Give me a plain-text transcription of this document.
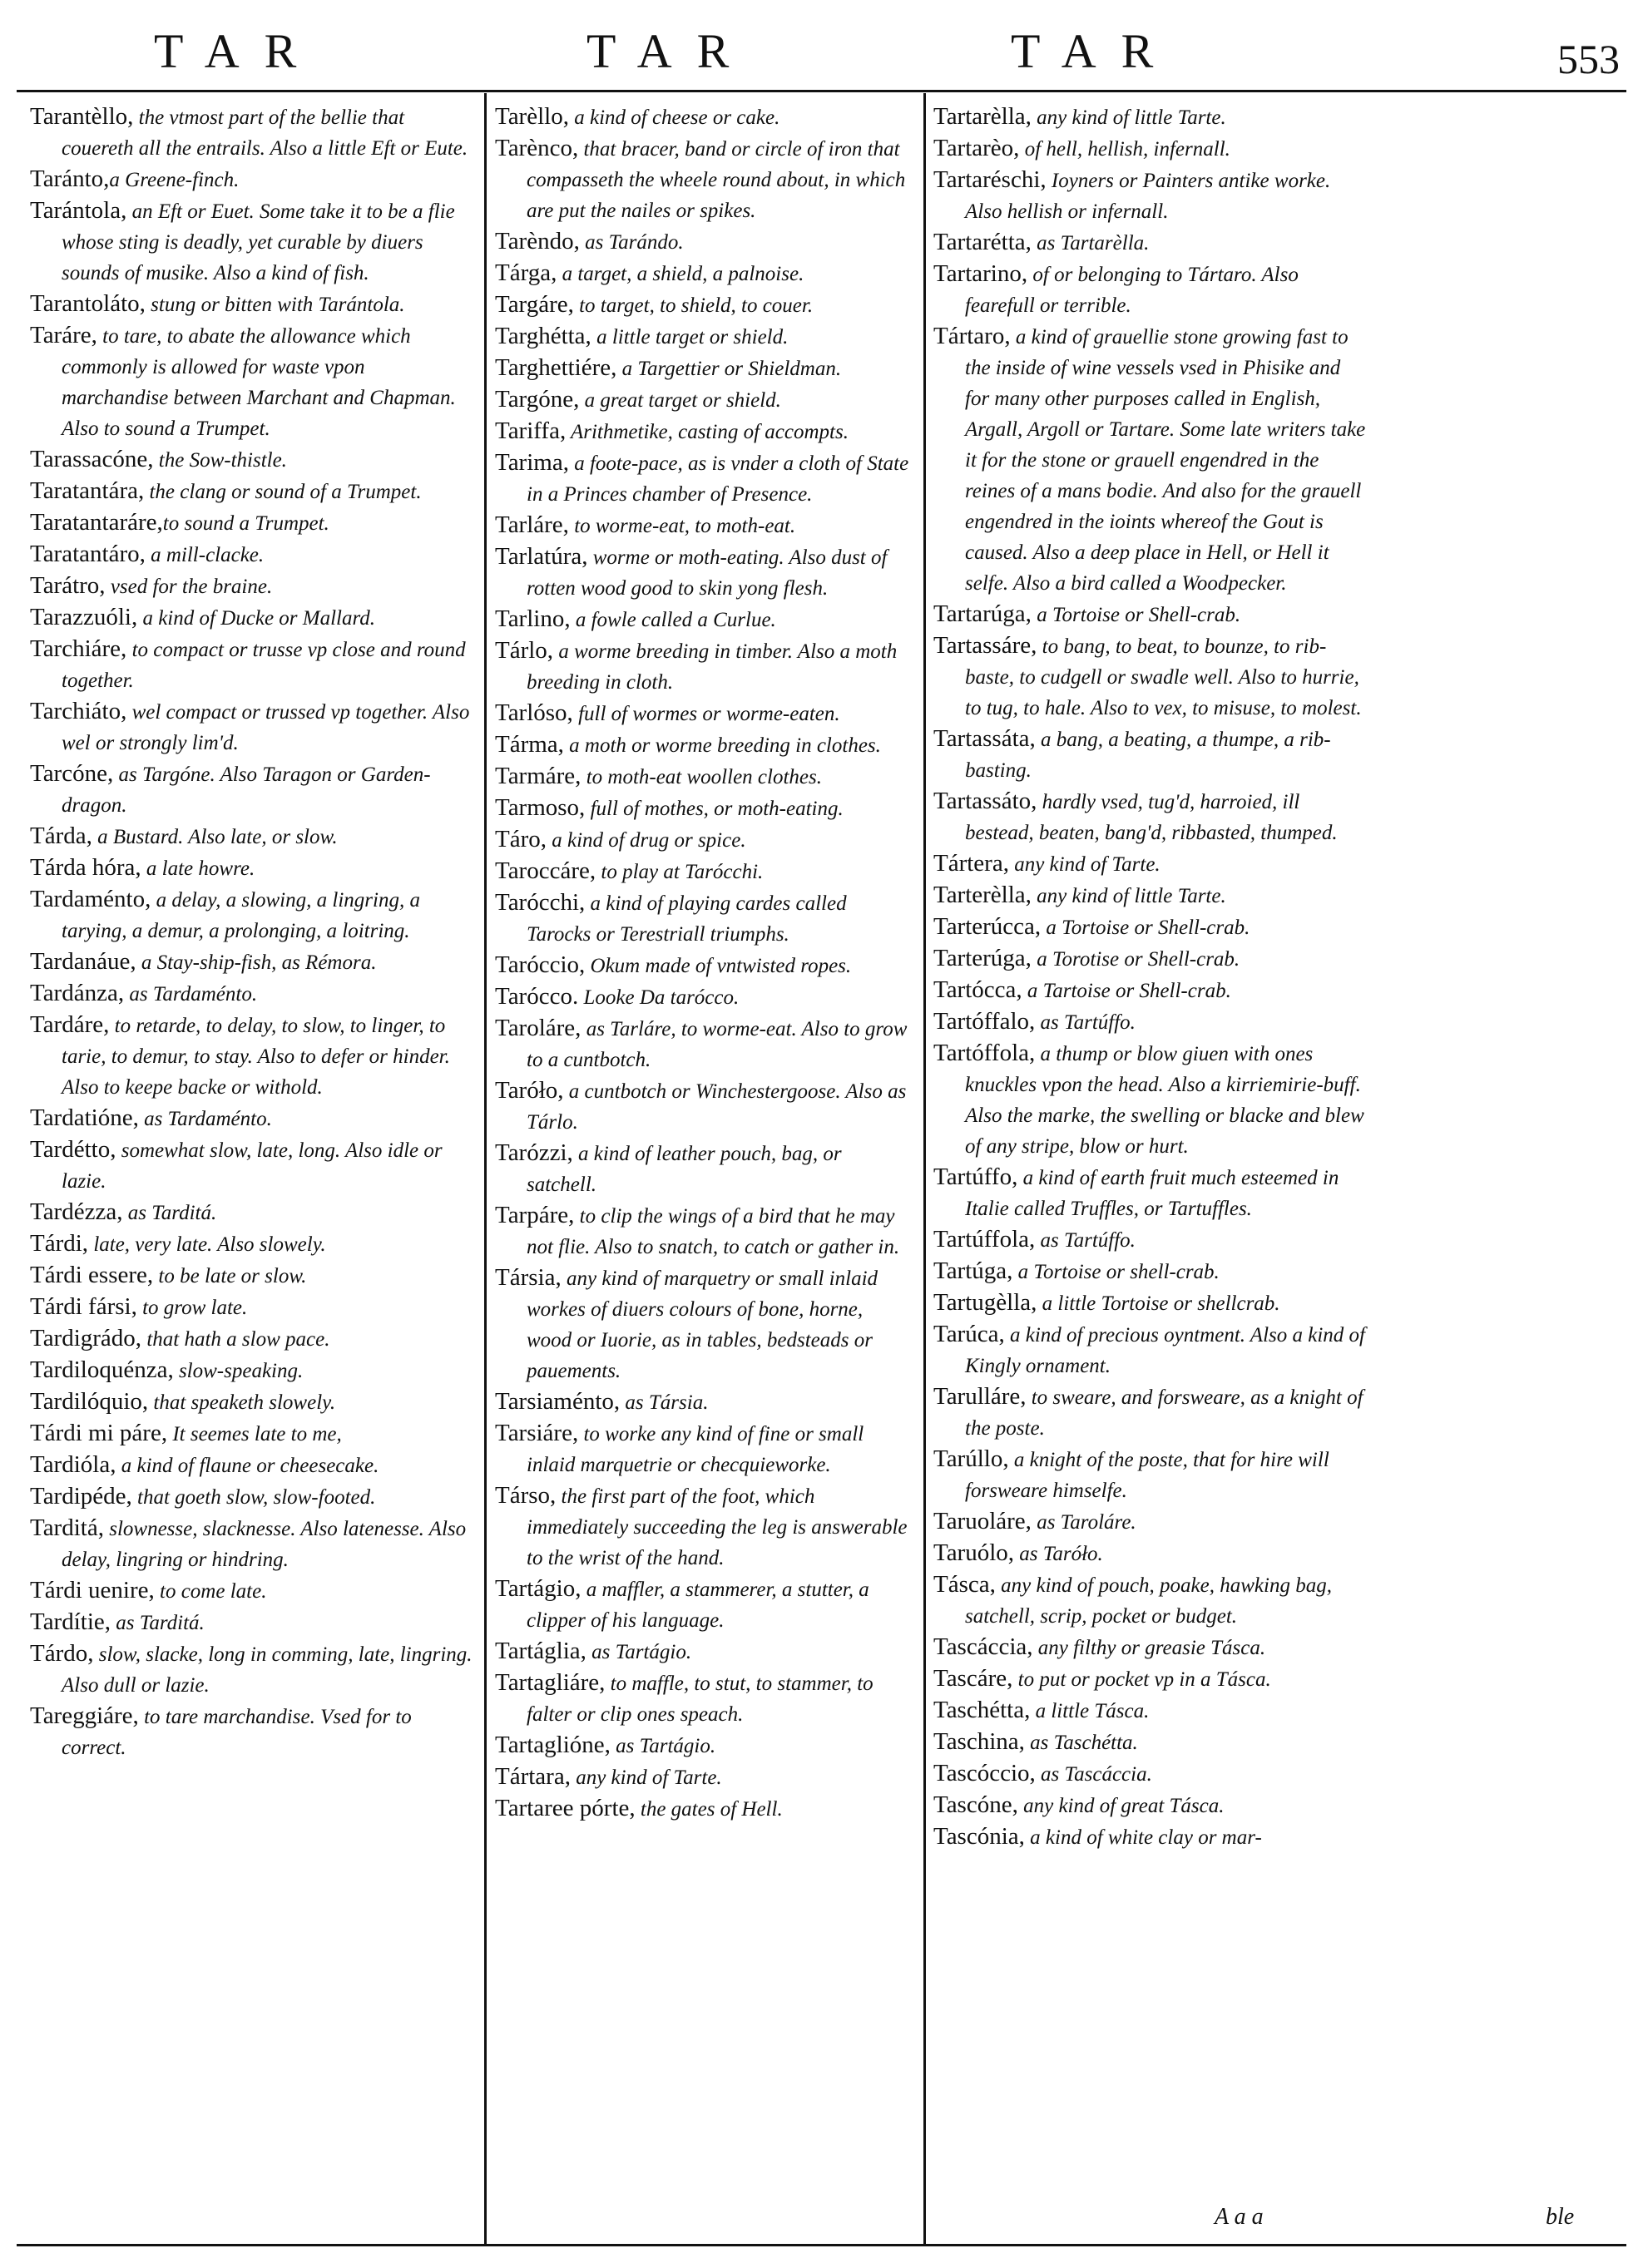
TAR	TAR	TAR	553

Tarantèllo, the vtmost part of the bellie that couereth all the entrails. Also a little Eft or Eute.

Taránto,a Greene-finch.

Tarántola, an Eft or Euet. Some take it to be a flie whose sting is deadly, yet curable by diuers sounds of musike. Also a kind of fish.

Tarantoláto, stung or bitten with Tarántola.

Taráre, to tare, to abate the allowance which commonly is allowed for waste vpon marchandise between Marchant and Chapman. Also to sound a Trumpet.

Tarassacóne, the Sow-thistle.

Taratantára, the clang or sound of a Trumpet.

Taratantaráre,to sound a Trumpet.

Taratantáro, a mill-clacke.

Tarátro, vsed for the braine.

Tarazzuóli, a kind of Ducke or Mallard.

Tarchiáre, to compact or trusse vp close and round together.

Tarchiáto, wel compact or trussed vp together. Also wel or strongly lim'd.

Tarcóne, as Targóne. Also Taragon or Garden-dragon.

Tárda, a Bustard. Also late, or slow.

Tárda hóra, a late howre.

Tardaménto, a delay, a slowing, a lingring, a tarying, a demur, a prolonging, a loitring.

Tardanáue, a Stay-ship-fish, as Rémora.

Tardánza, as Tardaménto.

Tardáre, to retarde, to delay, to slow, to linger, to tarie, to demur, to stay. Also to defer or hinder. Also to keepe backe or withold.

Tardatióne, as Tardaménto.

Tardétto, somewhat slow, late, long. Also idle or lazie.

Tardézza, as Tarditá.

Tárdi, late, very late. Also slowely.

Tárdi essere, to be late or slow.

Tárdi fársi, to grow late.

Tardigrádo, that hath a slow pace.

Tardiloquénza, slow-speaking.

Tardilóquio, that speaketh slowely.

Tárdi mi páre, It seemes late to me,

Tardióla, a kind of flaune or cheesecake.

Tardipéde, that goeth slow, slow-footed.

Tarditá, slownesse, slacknesse. Also latenesse. Also delay, lingring or hindring.

Tárdi uenire, to come late.

Tardítie, as Tarditá.

Tárdo, slow, slacke, long in comming, late, lingring. Also dull or lazie.

Tareggiáre, to tare marchandise. Vsed for to correct.

Tarèllo, a kind of cheese or cake.

Tarènco, that bracer, band or circle of iron that compasseth the wheele round about, in which are put the nailes or spikes.

Tarèndo, as Tarándo.

Tárga, a target, a shield, a palnoise.

Targáre, to target, to shield, to couer.

Targhétta, a little target or shield.

Targhettiére, a Targettier or Shieldman.

Targóne, a great target or shield.

Tariffa, Arithmetike, casting of accompts.

Tarima, a foote-pace, as is vnder a cloth of State in a Princes chamber of Presence.

Tarláre, to worme-eat, to moth-eat.

Tarlatúra, worme or moth-eating. Also dust of rotten wood good to skin yong flesh.

Tarlino, a fowle called a Curlue.

Tárlo, a worme breeding in timber. Also a moth breeding in cloth.

Tarlóso, full of wormes or worme-eaten.

Tárma, a moth or worme breeding in clothes.

Tarmáre, to moth-eat woollen clothes.

Tarmoso, full of mothes, or moth-eating.

Táro, a kind of drug or spice.

Taroccáre, to play at Tarócchi.

Tarócchi, a kind of playing cardes called Tarocks or Terestriall triumphs.

Taróccio, Okum made of vntwisted ropes.

Tarócco. Looke Da tarócco.

Taroláre, as Tarláre, to worme-eat. Also to grow to a cuntbotch.

Taróło, a cuntbotch or Winchestergoose. Also as Tárlo.

Tarózzi, a kind of leather pouch, bag, or satchell.

Tarpáre, to clip the wings of a bird that he may not flie. Also to snatch, to catch or gather in.

Társia, any kind of marquetry or small inlaid workes of diuers colours of bone, horne, wood or Iuorie, as in tables, bedsteads or pauements.

Tarsiaménto, as Társia.

Tarsiáre, to worke any kind of fine or small inlaid marquetrie or checquieworke.

Társo, the first part of the foot, which immediately succeeding the leg is answerable to the wrist of the hand.

Tartágio, a maffler, a stammerer, a stutter, a clipper of his language.

Tartáglia, as Tartágio.

Tartagliáre, to maffle, to stut, to stammer, to falter or clip ones speach.

Tartaglióne, as Tartágio.

Tártara, any kind of Tarte.

Tartaree pórte, the gates of Hell.

Tartarèlla, any kind of little Tarte.

Tartarèo, of hell, hellish, infernall.

Tartaréschi, Ioyners or Painters antike worke. Also hellish or infernall.

Tartarétta, as Tartarèlla.

Tartarino, of or belonging to Tártaro. Also fearefull or terrible.

Tártaro, a kind of grauellie stone growing fast to the inside of wine vessels vsed in Phisike and for many other purposes called in English, Argall, Argoll or Tartare. Some late writers take it for the stone or grauell engendred in the reines of a mans bodie. And also for the grauell engendred in the ioints whereof the Gout is caused. Also a deep place in Hell, or Hell it selfe. Also a bird called a Woodpecker.

Tartarúga, a Tortoise or Shell-crab.

Tartassáre, to bang, to beat, to bounze, to rib-baste, to cudgell or swadle well. Also to hurrie, to tug, to hale. Also to vex, to misuse, to molest.

Tartassáta, a bang, a beating, a thumpe, a rib-basting.

Tartassáto, hardly vsed, tug'd, harroied, ill bestead, beaten, bang'd, ribbasted, thumped.

Tártera, any kind of Tarte.

Tarterèlla, any kind of little Tarte.

Tarterúcca, a Tortoise or Shell-crab.

Tarterúga, a Torotise or Shell-crab.

Tartócca, a Tartoise or Shell-crab.

Tartóffalo, as Tartúffo.

Tartóffola, a thump or blow giuen with ones knuckles vpon the head. Also a kirriemirie-buff. Also the marke, the swelling or blacke and blew of any stripe, blow or hurt.

Tartúffo, a kind of earth fruit much esteemed in Italie called Truffles, or Tartuffles.

Tartúffola, as Tartúffo.

Tartúga, a Tortoise or shell-crab.

Tartugèlla, a little Tortoise or shellcrab.

Tarúca, a kind of precious oyntment. Also a kind of Kingly ornament.

Tarulláre, to sweare, and forsweare, as a knight of the poste.

Tarúllo, a knight of the poste, that for hire will forsweare himselfe.

Taruoláre, as Taroláre.

Taruólo, as Taróło.

Tásca, any kind of pouch, poake, hawking bag, satchell, scrip, pocket or budget.

Tascáccia, any filthy or greasie Tásca.

Tascáre, to put or pocket vp in a Tásca.

Taschétta, a little Tásca.

Taschina, as Taschétta.

Tascóccio, as Tascáccia.

Tascóne, any kind of great Tásca.

Tascónia, a kind of white clay or mar-

A a a	ble
